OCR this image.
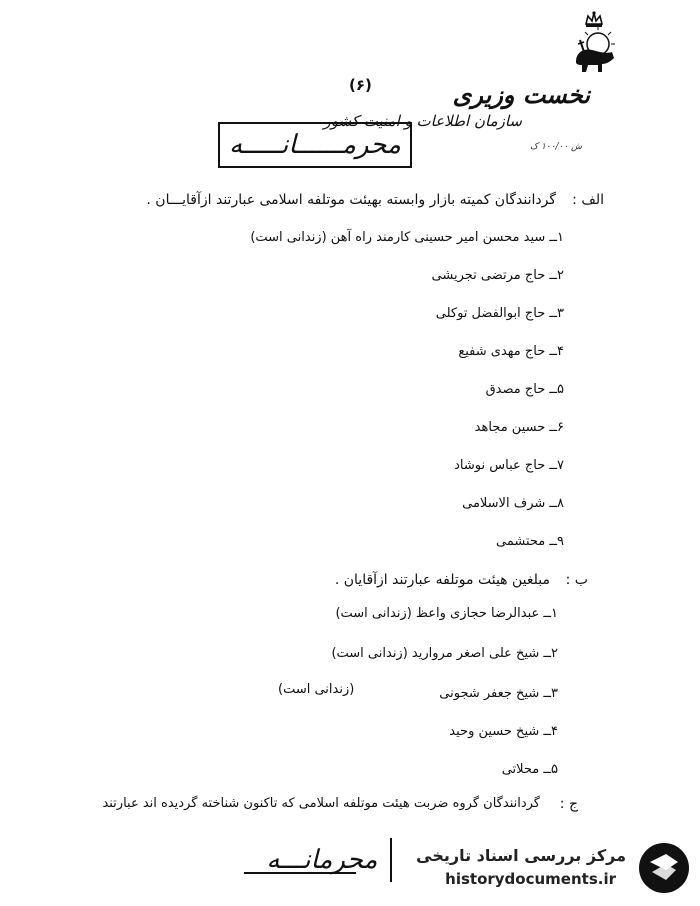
نخست وزیری
سازمان اطلاعات و امنیت کشور
ش ۱۰۰/۰۰ ک
(۶)
محرمــــــانـــــه
الف :
گردانندگان کمیته بازار وابسته بهیئت موتلفه اسلامی عبارتند ازآقایـــان .
۱ــ سید محسن امیر حسینی کارمند راه آهن (زندانی است)
۲ــ حاج مرتضی تجریشی
۳ــ حاج ابوالفضل توکلی
۴ــ حاج مهدی شفیع
۵ــ حاج مصدق
۶ــ حسین مجاهد
۷ــ حاج عباس نوشاد
۸ــ شرف الاسلامی
۹ــ محتشمی
ب :
مبلغین هیئت موتلفه عبارتند ازآقایان .
۱ــ عبدالرضا حجازی واعظ (زندانی است)
۲ــ شیخ علی اصغر مروارید (زندانی است)
۳ــ شیخ جعفر شجونی
(زندانی است)
۴ــ شیخ حسین وحید
۵ــ محلاتی
ج :
گردانندگان گروه ضربت هیئت موتلفه اسلامی که تاکنون شناخته گردیده اند عبارتند
محرمانـــه مرکز بررسی اسناد تاریخی
historydocuments.ir
